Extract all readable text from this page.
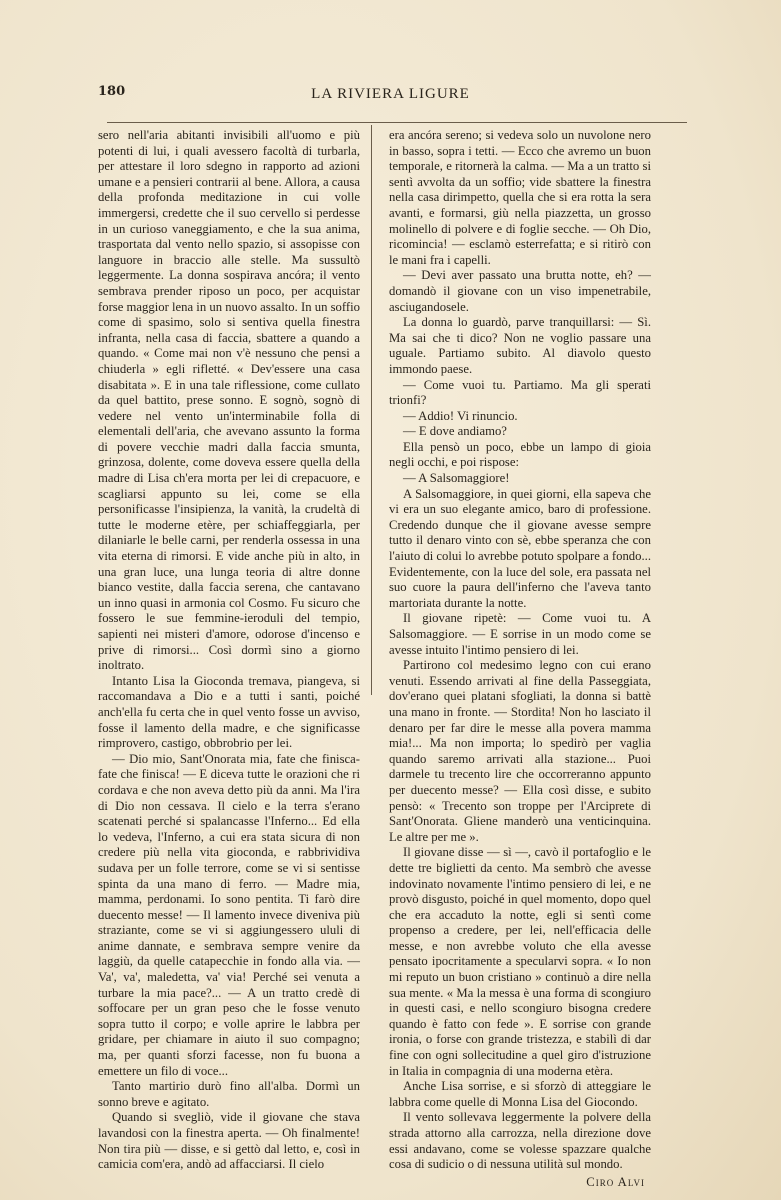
180	LA RIVIERA LIGURE

sero nell'aria abitanti invisibili all'uomo e più potenti di lui, i quali avessero facoltà di turbarla, per attestare il loro sdegno in rapporto ad azioni umane e a pensieri contrarii al bene. Allora, a causa della profonda meditazione in cui volle immergersi, credette che il suo cervello si perdesse in un curioso vaneggiamento, e che la sua anima, trasportata dal vento nello spazio, si assopisse con languore in braccio alle stelle. Ma sussultò leggermente. La donna sospirava ancóra; il vento sembrava prender riposo un poco, per acquistar forse maggior lena in un nuovo assalto. In un soffio come di spasimo, solo si sentiva quella finestra infranta, nella casa di faccia, sbattere a quando a quando. « Come mai non v'è nessuno che pensi a chiuderla » egli rifletté. « Dev'essere una casa disabitata ». E in una tale riflessione, come cullato da quel battito, prese sonno. E sognò, sognò di vedere nel vento un'interminabile folla di elementali dell'aria, che avevano assunto la forma di povere vecchie madri dalla faccia smunta, grinzosa, dolente, come doveva essere quella della madre di Lisa ch'era morta per lei di crepacuore, e scagliarsi appunto su lei, come se ella personificasse l'insipienza, la vanità, la crudeltà di tutte le moderne etère, per schiaffeggiarla, per dilaniarle le belle carni, per renderla ossessa in una vita eterna di rimorsi. E vide anche più in alto, in una gran luce, una lunga teoria di altre donne bianco vestite, dalla faccia serena, che cantavano un inno quasi in armonia col Cosmo. Fu sicuro che fossero le sue femmine-ieroduli del tempio, sapienti nei misteri d'amore, odorose d'incenso e prive di rimorsi... Così dormì sino a giorno inoltrato.

Intanto Lisa la Gioconda tremava, piangeva, si raccomandava a Dio e a tutti i santi, poiché anch'ella fu certa che in quel vento fosse un avviso, fosse il lamento della madre, e che significasse rimprovero, castigo, obbrobrio per lei.

— Dio mio, Sant'Onorata mia, fate che finisca- fate che finisca! — E diceva tutte le orazioni che ri cordava e che non aveva detto più da anni. Ma l'ira di Dio non cessava. Il cielo e la terra s'erano scatenati perché si spalancasse l'Inferno... Ed ella lo vedeva, l'Inferno, a cui era stata sicura di non credere più nella vita gioconda, e rabbrividiva sudava per un folle terrore, come se vi si sentisse spinta da una mano di ferro. — Madre mia, mamma, perdonami. Io sono pentita. Ti farò dire duecento messe! — Il lamento invece diveniva più straziante, come se vi si aggiungessero ululi di anime dannate, e sembrava sempre venire da laggiù, da quelle catapecchie in fondo alla via. — Va', va', maledetta, va' via! Perché sei venuta a turbare la mia pace?... — A un tratto credè di soffocare per un gran peso che le fosse venuto sopra tutto il corpo; e volle aprire le labbra per gridare, per chiamare in aiuto il suo compagno; ma, per quanti sforzi facesse, non fu buona a emettere un filo di voce...

Tanto martirio durò fino all'alba. Dormì un sonno breve e agitato.

Quando si svegliò, vide il giovane che stava lavandosi con la finestra aperta. — Oh finalmente! Non tira più — disse, e si gettò dal letto, e, così in camicia com'era, andò ad affacciarsi. Il cielo

era ancóra sereno; si vedeva solo un nuvolone nero in basso, sopra i tetti. — Ecco che avremo un buon temporale, e ritornerà la calma. — Ma a un tratto si sentì avvolta da un soffio; vide sbattere la finestra nella casa dirimpetto, quella che si era rotta la sera avanti, e formarsi, giù nella piazzetta, un grosso molinello di polvere e di foglie secche. — Oh Dio, ricomincia! — esclamò esterrefatta; e si ritirò con le mani fra i capelli.

— Devi aver passato una brutta notte, eh? — domandò il giovane con un viso impenetrabile, asciugandosele.

La donna lo guardò, parve tranquillarsi: — Sì. Ma sai che ti dico? Non ne voglio passare una uguale. Partiamo subito. Al diavolo questo immondo paese.

— Come vuoi tu. Partiamo. Ma gli sperati trionfi?

— Addio! Vi rinuncio.

— E dove andiamo?

Ella pensò un poco, ebbe un lampo di gioia negli occhi, e poi rispose:

— A Salsomaggiore!

A Salsomaggiore, in quei giorni, ella sapeva che vi era un suo elegante amico, baro di professione. Credendo dunque che il giovane avesse sempre tutto il denaro vinto con sè, ebbe speranza che con l'aiuto di colui lo avrebbe potuto spolpare a fondo... Evidentemente, con la luce del sole, era passata nel suo cuore la paura dell'inferno che l'aveva tanto martoriata durante la notte.

Il giovane ripetè: — Come vuoi tu. A Salsomaggiore. — E sorrise in un modo come se avesse intuito l'intimo pensiero di lei.

Partirono col medesimo legno con cui erano venuti. Essendo arrivati al fine della Passeggiata, dov'erano quei platani sfogliati, la donna si battè una mano in fronte. — Stordita! Non ho lasciato il denaro per far dire le messe alla povera mamma mia!... Ma non importa; lo spedirò per vaglia quando saremo arrivati alla stazione... Puoi darmele tu trecento lire che occorreranno appunto per duecento messe? — Ella così disse, e subito pensò: « Trecento son troppe per l'Arciprete di Sant'Onorata. Gliene manderò una venticinquina. Le altre per me ».

Il giovane disse — sì —, cavò il portafoglio e le dette tre biglietti da cento. Ma sembrò che avesse indovinato novamente l'intimo pensiero di lei, e ne provò disgusto, poiché in quel momento, dopo quel che era accaduto la notte, egli si sentì come propenso a credere, per lei, nell'efficacia delle messe, e non avrebbe voluto che ella avesse pensato ipocritamente a specularvi sopra. « Io non mi reputo un buon cristiano » continuò a dire nella sua mente. « Ma la messa è una forma di scongiuro in questi casi, e nello scongiuro bisogna credere quando è fatto con fede ». E sorrise con grande ironia, o forse con grande tristezza, e stabilì di dar fine con ogni sollecitudine a quel giro d'istruzione in Italia in compagnia di una moderna etèra.

Anche Lisa sorrise, e si sforzò di atteggiare le labbra come quelle di Monna Lisa del Giocondo.

Il vento sollevava leggermente la polvere della strada attorno alla carrozza, nella direzione dove essi andavano, come se volesse spazzare qualche cosa di sudicio o di nessuna utilità sul mondo.

Ciro Alvi
